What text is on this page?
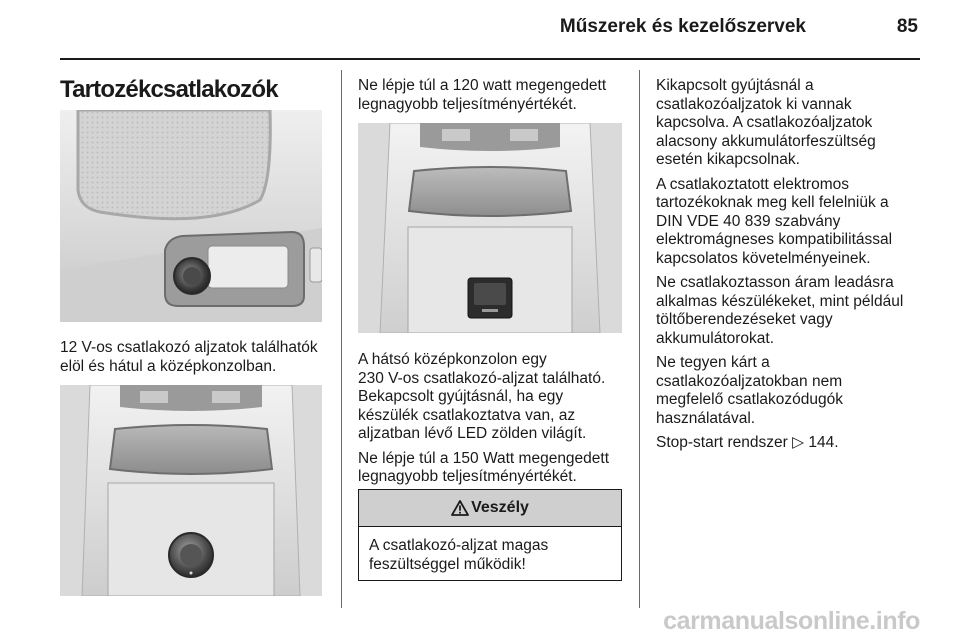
Műszerek és kezelőszervek	85
Tartozékcsatlakozók

12 V-os csatlakozó aljzatok találhatók
elöl és hátul a középkonzolban.

Ne lépje túl a 120 watt megengedett
legnagyobb teljesítményértékét.

A hátsó középkonzolon egy
230 V-os csatlakozó-aljzat található.
Bekapcsolt gyújtásnál, ha egy
készülék csatlakoztatva van, az
aljzatban lévő LED zölden világít.

Ne lépje túl a 150 Watt megengedett
legnagyobb teljesítményértékét.

Veszély
A csatlakozó-aljzat magas
feszültséggel működik!

Kikapcsolt gyújtásnál a
csatlakozóaljzatok ki vannak
kapcsolva. A csatlakozóaljzatok
alacsony akkumulátorfeszültség
esetén kikapcsolnak.

A csatlakoztatott elektromos
tartozékoknak meg kell felelniük a
DIN VDE 40 839 szabvány
elektromágneses kompatibilitással
kapcsolatos követelményeinek.

Ne csatlakoztasson áram leadásra
alkalmas készülékeket, mint például
töltőberendezéseket vagy
akkumulátorokat.

Ne tegyen kárt a
csatlakozóaljzatokban nem
megfelelő csatlakozódugók
használatával.

Stop-start rendszer ▷ 144.

carmanualsonline.info
